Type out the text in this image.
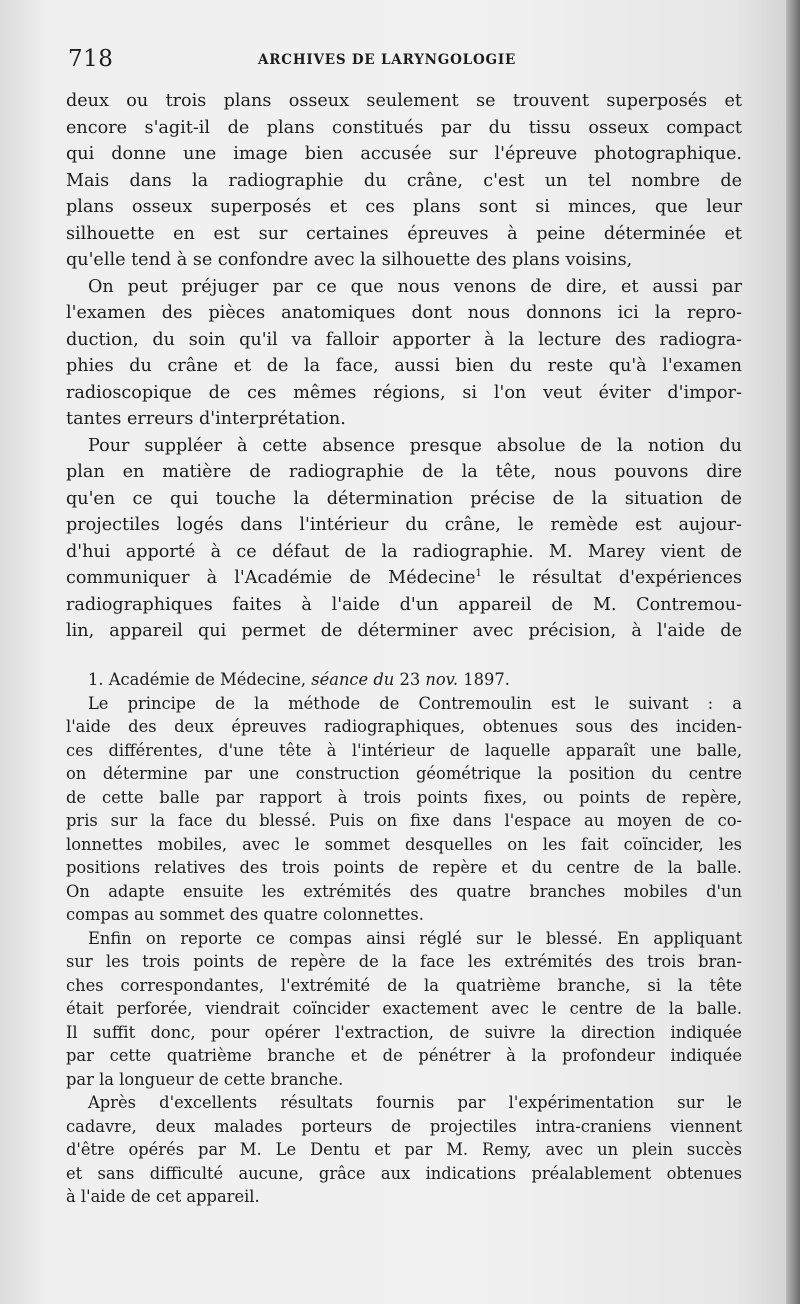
718	ARCHIVES DE LARYNGOLOGIE
deux ou trois plans osseux seulement se trouvent superposés et
encore s'agit-il de plans constitués par du tissu osseux compact
qui donne une image bien accusée sur l'épreuve photographique.
Mais dans la radiographie du crâne, c'est un tel nombre de
plans osseux superposés et ces plans sont si minces, que leur
silhouette en est sur certaines épreuves à peine déterminée et
qu'elle tend à se confondre avec la silhouette des plans voisins,
On peut préjuger par ce que nous venons de dire, et aussi par
l'examen des pièces anatomiques dont nous donnons ici la repro-
duction, du soin qu'il va falloir apporter à la lecture des radiogra-
phies du crâne et de la face, aussi bien du reste qu'à l'examen
radioscopique de ces mêmes régions, si l'on veut éviter d'impor-
tantes erreurs d'interprétation.
Pour suppléer à cette absence presque absolue de la notion du
plan en matière de radiographie de la tête, nous pouvons dire
qu'en ce qui touche la détermination précise de la situation de
projectiles logés dans l'intérieur du crâne, le remède est aujour-
d'hui apporté à ce défaut de la radiographie. M. Marey vient de
communiquer à l'Académie de Médecine$^1$ le résultat d'expériences
radiographiques faites à l'aide d'un appareil de M. Contremou-
lin, appareil qui permet de déterminer avec précision, à l'aide de
1. Académie de Médecine, séance du 23 nov. 1897.
Le principe de la méthode de Contremoulin est le suivant : a
l'aide des deux épreuves radiographiques, obtenues sous des inciden-
ces différentes, d'une tête à l'intérieur de laquelle apparaît une balle,
on détermine par une construction géométrique la position du centre
de cette balle par rapport à trois points fixes, ou points de repère,
pris sur la face du blessé. Puis on fixe dans l'espace au moyen de co-
lonnettes mobiles, avec le sommet desquelles on les fait coïncider, les
positions relatives des trois points de repère et du centre de la balle.
On adapte ensuite les extrémités des quatre branches mobiles d'un
compas au sommet des quatre colonnettes.
Enfin on reporte ce compas ainsi réglé sur le blessé. En appliquant
sur les trois points de repère de la face les extrémités des trois bran-
ches correspondantes, l'extrémité de la quatrième branche, si la tête
était perforée, viendrait coïncider exactement avec le centre de la balle.
Il suffit donc, pour opérer l'extraction, de suivre la direction indiquée
par cette quatrième branche et de pénétrer à la profondeur indiquée
par la longueur de cette branche.
Après d'excellents résultats fournis par l'expérimentation sur le
cadavre, deux malades porteurs de projectiles intra-craniens viennent
d'être opérés par M. Le Dentu et par M. Remy, avec un plein succès
et sans difficulté aucune, grâce aux indications préalablement obtenues
à l'aide de cet appareil.
